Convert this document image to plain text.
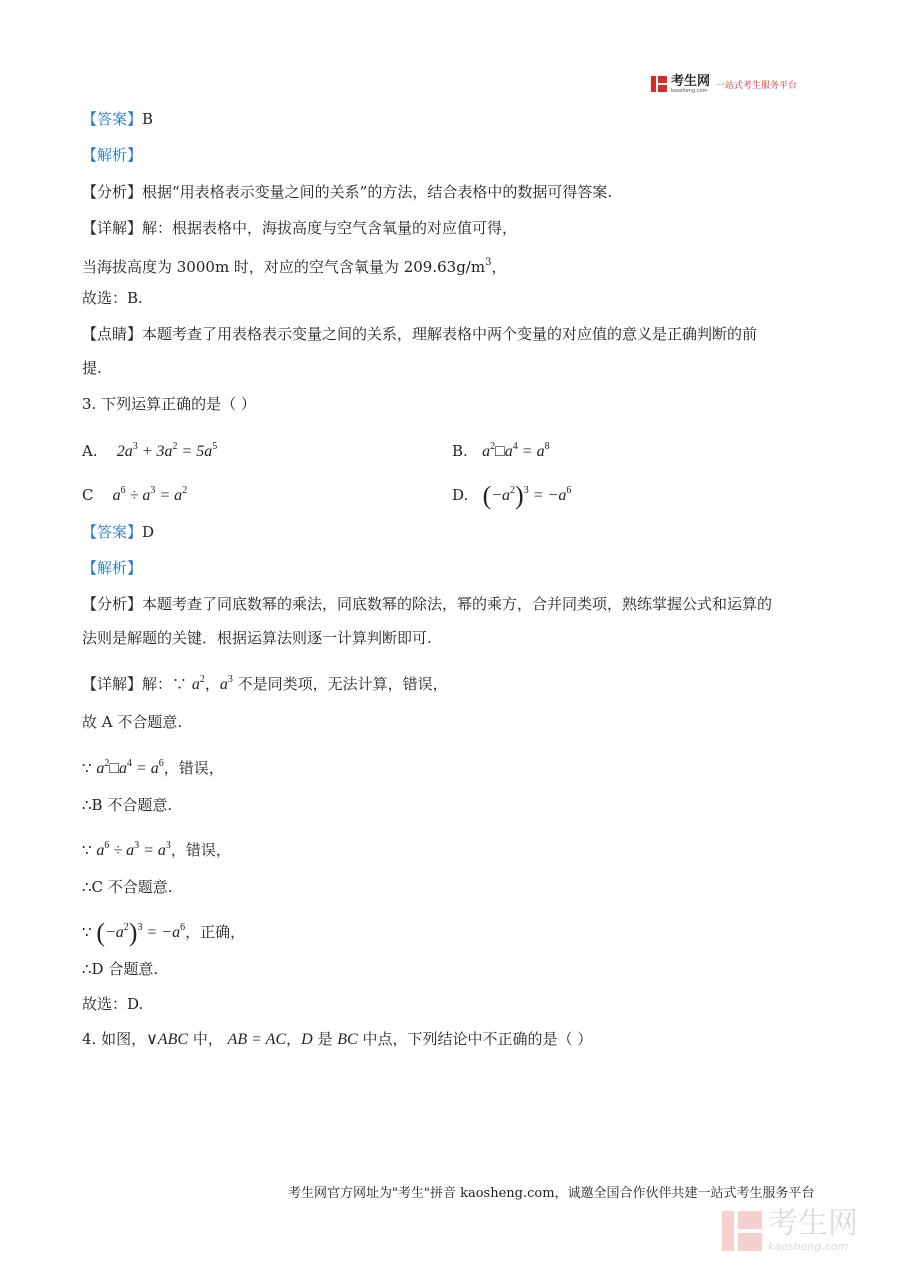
考生网
kaosheng.com 一站式考生服务平台
【答案】B
【解析】
【分析】根据“用表格表示变量之间的关系”的方法，结合表格中的数据可得答案.
【详解】解：根据表格中，海拔高度与空气含氧量的对应值可得，
当海拔高度为 3000m 时，对应的空气含氧量为 $209.63g/m^3$，
故选：B.
【点睛】本题考查了用表格表示变量之间的关系，理解表格中两个变量的对应值的意义是正确判断的前
提.
3. 下列运算正确的是（ ）
A. $2a^3 + 3a^2 = 5a^5$	B. $a^2□a^4 = a^8$
C $a^6 \div a^3 = a^2$	D. $(-a^2)^3 = -a^6$
【答案】D
【解析】
【分析】本题考查了同底数幂的乘法，同底数幂的除法，幂的乘方，合并同类项，熟练掌握公式和运算的
法则是解题的关键．根据运算法则逐一计算判断即可.
【详解】解：∵ $a^2$，$a^3$ 不是同类项，无法计算，错误，
故 A 不合题意.
∵ $a^2□a^4 = a^6$，错误，
∴B 不合题意.
∵ $a^6 \div a^3 = a^3$，错误，
∴C 不合题意.
∵ $(-a^2)^3 = -a^6$，正确，
∴D 合题意.
故选：D.
4. 如图，∨ABC 中， AB = AC，D 是 BC 中点，下列结论中不正确的是（ ）
考生网官方网址为"考生"拼音 kaosheng.com，诚邀全国合作伙伴共建一站式考生服务平台
考生网
kaosheng.com
